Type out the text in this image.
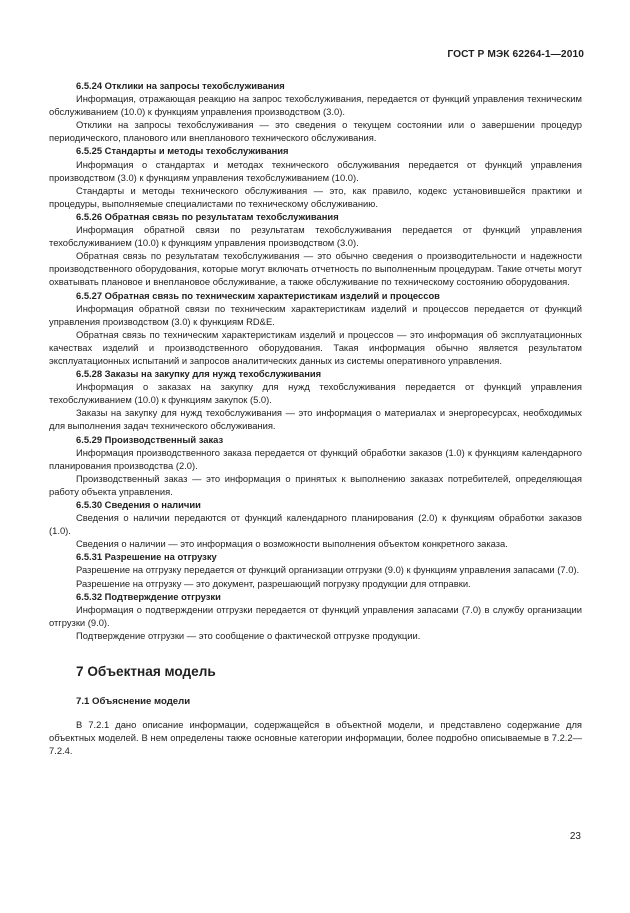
ГОСТ Р МЭК 62264-1—2010
6.5.24 Отклики на запросы техобслуживания

Информация, отражающая реакцию на запрос техобслуживания, передается от функций управления техническим обслуживанием (10.0) к функциям управления производством (3.0).

Отклики на запросы техобслуживания — это сведения о текущем состоянии или о завершении процедур периодического, планового или внепланового технического обслуживания.

6.5.25 Стандарты и методы техобслуживания

Информация о стандартах и методах технического обслуживания передается от функций управления производством (3.0) к функциям управления техобслуживанием (10.0).

Стандарты и методы технического обслуживания — это, как правило, кодекс установившейся практики и процедуры, выполняемые специалистами по техническому обслуживанию.

6.5.26 Обратная связь по результатам техобслуживания

Информация обратной связи по результатам техобслуживания передается от функций управления техобслуживанием (10.0) к функциям управления производством (3.0).

Обратная связь по результатам техобслуживания — это обычно сведения о производительности и надежности производственного оборудования, которые могут включать отчетность по выполненным процедурам. Такие отчеты могут охватывать плановое и внеплановое обслуживание, а также обслуживание по техническому состоянию оборудования.

6.5.27 Обратная связь по техническим характеристикам изделий и процессов

Информация обратной связи по техническим характеристикам изделий и процессов передается от функций управления производством (3.0) к функциям RD&E.

Обратная связь по техническим характеристикам изделий и процессов — это информация об эксплуатационных качествах изделий и производственного оборудования. Такая информация обычно является результатом эксплуатационных испытаний и запросов аналитических данных из системы оперативного управления.

6.5.28 Заказы на закупку для нужд техобслуживания

Информация о заказах на закупку для нужд техобслуживания передается от функций управления техобслуживанием (10.0) к функциям закупок (5.0).

Заказы на закупку для нужд техобслуживания — это информация о материалах и энергоресурсах, необходимых для выполнения задач технического обслуживания.

6.5.29 Производственный заказ

Информация производственного заказа передается от функций обработки заказов (1.0) к функциям календарного планирования производства (2.0).

Производственный заказ — это информация о принятых к выполнению заказах потребителей, определяющая работу объекта управления.

6.5.30 Сведения о наличии

Сведения о наличии передаются от функций календарного планирования (2.0) к функциям обработки заказов (1.0).

Сведения о наличии — это информация о возможности выполнения объектом конкретного заказа.

6.5.31 Разрешение на отгрузку

Разрешение на отгрузку передается от функций организации отгрузки (9.0) к функциям управления запасами (7.0).

Разрешение на отгрузку — это документ, разрешающий погрузку продукции для отправки.

6.5.32 Подтверждение отгрузки

Информация о подтверждении отгрузки передается от функций управления запасами (7.0) в службу организации отгрузки (9.0).

Подтверждение отгрузки — это сообщение о фактической отгрузке продукции.

7 Объектная модель
7.1 Объяснение модели

В 7.2.1 дано описание информации, содержащейся в объектной модели, и представлено содержание для объектных моделей. В нем определены также основные категории информации, более подробно описываемые в 7.2.2—7.2.4.

23
